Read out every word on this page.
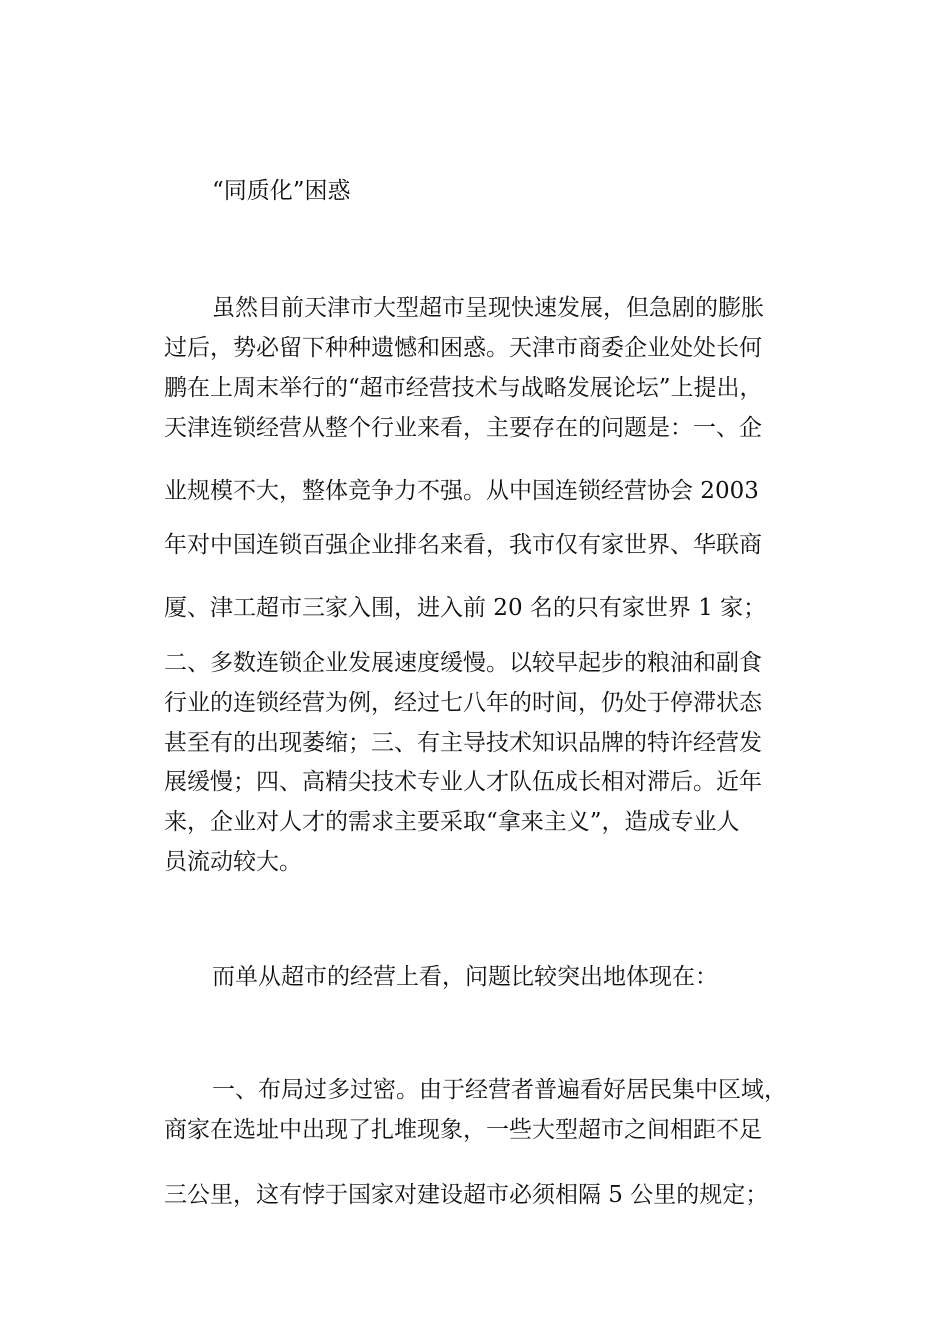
“同质化”困惑
虽然目前天津市大型超市呈现快速发展，但急剧的膨胀
过后，势必留下种种遗憾和困惑。天津市商委企业处处长何
鹏在上周末举行的“超市经营技术与战略发展论坛”上提出，
天津连锁经营从整个行业来看，主要存在的问题是：一、企
业规模不大，整体竞争力不强。从中国连锁经营协会 2003
年对中国连锁百强企业排名来看，我市仅有家世界、华联商
厦、津工超市三家入围，进入前 20 名的只有家世界 1 家；
二、多数连锁企业发展速度缓慢。以较早起步的粮油和副食
行业的连锁经营为例，经过七八年的时间，仍处于停滞状态
甚至有的出现萎缩；三、有主导技术知识品牌的特许经营发
展缓慢；四、高精尖技术专业人才队伍成长相对滞后。近年
来，企业对人才的需求主要采取“拿来主义”，造成专业人
员流动较大。
而单从超市的经营上看，问题比较突出地体现在：
一、布局过多过密。由于经营者普遍看好居民集中区域，
商家在选址中出现了扎堆现象，一些大型超市之间相距不足
三公里，这有悖于国家对建设超市必须相隔 5 公里的规定；
